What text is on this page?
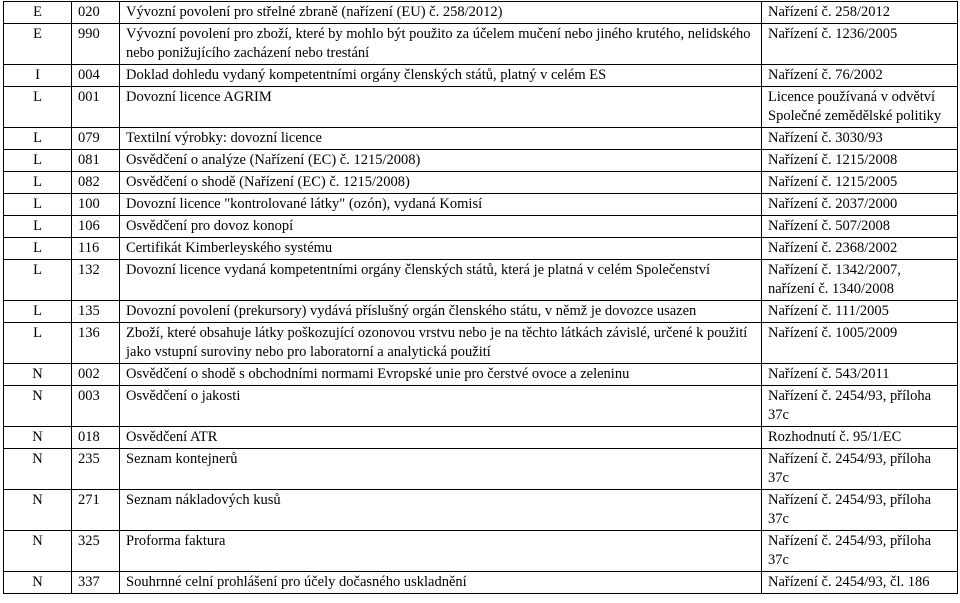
E	020	Vývozní povolení pro střelné zbraně (nařízení (EU) č. 258/2012)	Nařízení č. 258/2012
E	990	Vývozní povolení pro zboží, které by mohlo být použito za účelem mučení nebo jiného krutého, nelidského nebo ponižujícího zacházení nebo trestání	Nařízení č. 1236/2005
I	004	Doklad dohledu vydaný kompetentními orgány členských států, platný v celém ES	Nařízení č. 76/2002
L	001	Dovozní licence AGRIM	Licence používaná v odvětví Společné zemědělské politiky
L	079	Textilní výrobky: dovozní licence	Nařízení č. 3030/93
L	081	Osvědčení o analýze (Nařízení (EC) č. 1215/2008)	Nařízení č. 1215/2008
L	082	Osvědčení o shodě (Nařízení (EC) č. 1215/2008)	Nařízení č. 1215/2005
L	100	Dovozní licence "kontrolované látky" (ozón), vydaná Komisí	Nařízení č. 2037/2000
L	106	Osvědčení pro dovoz konopí	Nařízení č. 507/2008
L	116	Certifikát Kimberleyského systému	Nařízení č. 2368/2002
L	132	Dovozní licence vydaná kompetentními orgány členských států, která je platná v celém Společenství	Nařízení č. 1342/2007, nařízení č. 1340/2008
L	135	Dovozní povolení (prekursory) vydává příslušný orgán členského státu, v němž je dovozce usazen	Nařízení č. 111/2005
L	136	Zboží, které obsahuje látky poškozující ozonovou vrstvu nebo je na těchto látkách závislé, určené k použití jako vstupní suroviny nebo pro laboratorní a analytická použití	Nařízení č. 1005/2009
N	002	Osvědčení o shodě s obchodními normami Evropské unie pro čerstvé ovoce a zeleninu	Nařízení č. 543/2011
N	003	Osvědčení o jakosti	Nařízení č. 2454/93, příloha 37c
N	018	Osvědčení ATR	Rozhodnutí č. 95/1/EC
N	235	Seznam kontejnerů	Nařízení č. 2454/93, příloha 37c
N	271	Seznam nákladových kusů	Nařízení č. 2454/93, příloha 37c
N	325	Proforma faktura	Nařízení č. 2454/93, příloha 37c
N	337	Souhrnné celní prohlášení pro účely dočasného uskladnění	Nařízení č. 2454/93, čl. 186
